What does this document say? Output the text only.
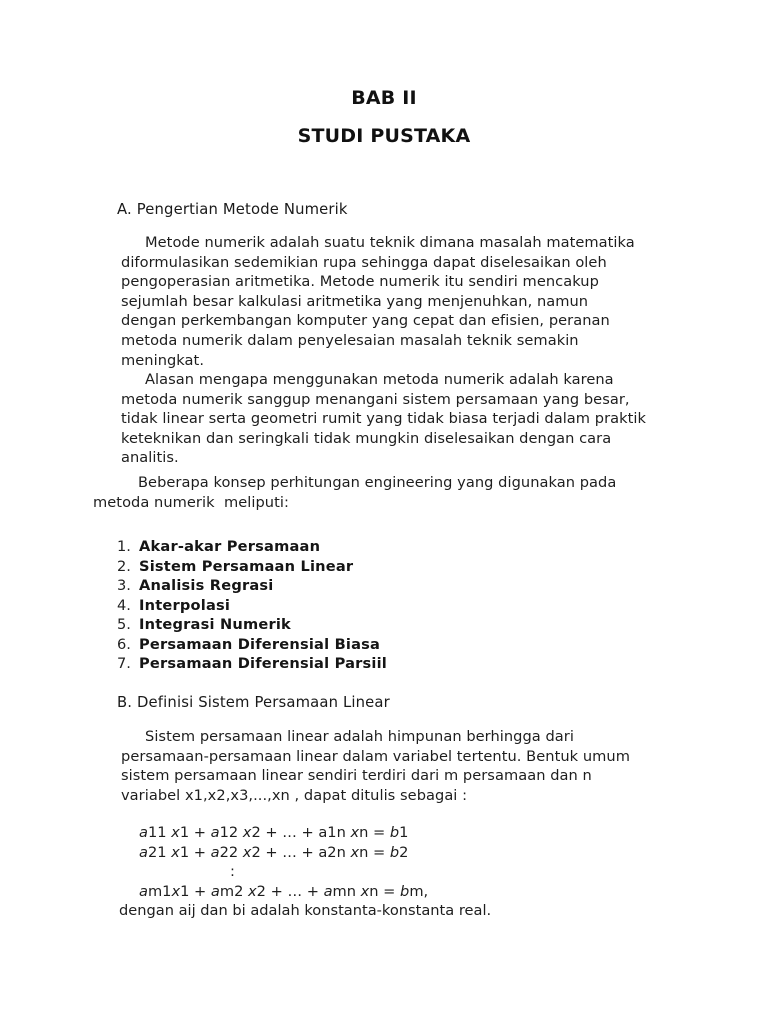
BAB II
STUDI PUSTAKA
A. Pengertian Metode Numerik
Metode numerik adalah suatu teknik dimana masalah matematika
diformulasikan sedemikian rupa sehingga dapat diselesaikan oleh
pengoperasian aritmetika. Metode numerik itu sendiri mencakup
sejumlah besar kalkulasi aritmetika yang menjenuhkan, namun
dengan perkembangan komputer yang cepat dan efisien, peranan
metoda numerik dalam penyelesaian masalah teknik semakin
meningkat.
Alasan mengapa menggunakan metoda numerik adalah karena
metoda numerik sanggup menangani sistem persamaan yang besar,
tidak linear serta geometri rumit yang tidak biasa terjadi dalam praktik
keteknikan dan seringkali tidak mungkin diselesaikan dengan cara
analitis.
Beberapa konsep perhitungan engineering yang digunakan pada
metoda numerik  meliputi:
1. Akar-akar Persamaan
2. Sistem Persamaan Linear
3. Analisis Regrasi
4. Interpolasi
5. Integrasi Numerik
6. Persamaan Diferensial Biasa
7. Persamaan Diferensial Parsiil
B. Definisi Sistem Persamaan Linear
Sistem persamaan linear adalah himpunan berhingga dari
persamaan-persamaan linear dalam variabel tertentu. Bentuk umum
sistem persamaan linear sendiri terdiri dari m persamaan dan n
variabel x1,x2,x3,...,xn , dapat ditulis sebagai :
a11 x1 + a12 x2 + … + a1n xn = b1
a21 x1 + a22 x2 + … + a2n xn = b2
:
am1x1 + am2 x2 + … + amn xn = bm,
dengan aij dan bi adalah konstanta-konstanta real.
